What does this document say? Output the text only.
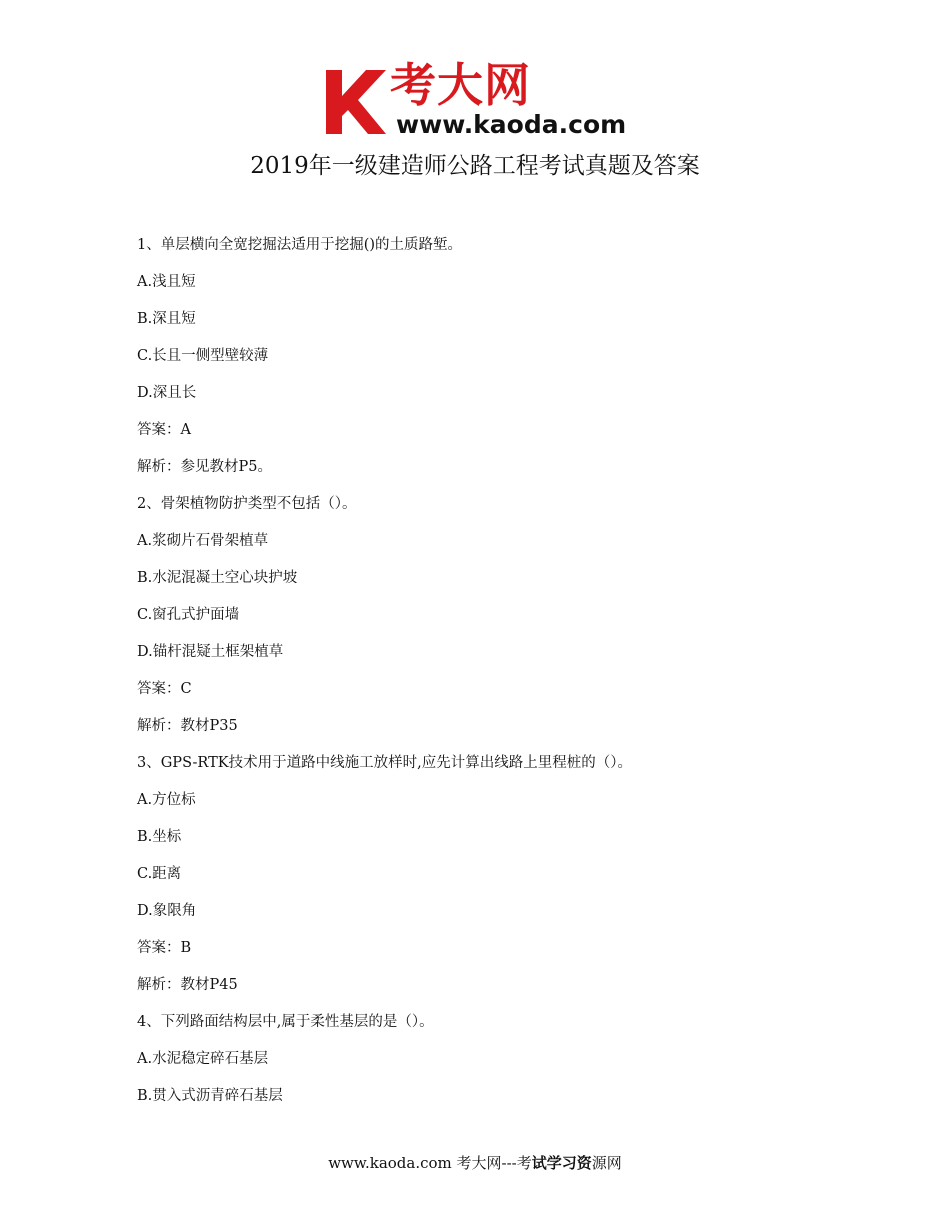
考大网
www.kaoda.com
2019年一级建造师公路工程考试真题及答案
1、单层横向全宽挖掘法适用于挖掘()的土质路堑。
A.浅且短
B.深且短
C.长且一侧型壁较薄
D.深且长
答案：A
解析：参见教材P5。
2、骨架植物防护类型不包括（）。
A.浆砌片石骨架植草
B.水泥混凝土空心块护坡
C.窗孔式护面墙
D.锚杆混疑土框架植草
答案：C
解析：教材P35
3、GPS-RTK技术用于道路中线施工放样时,应先计算出线路上里程桩的（）。
A.方位标
B.坐标
C.距离
D.象限角
答案：B
解析：教材P45
4、下列路面结构层中,属于柔性基层的是（）。
A.水泥稳定碎石基层
B.贯入式沥青碎石基层
www.kaoda.com 考大网---考试学习资源网
